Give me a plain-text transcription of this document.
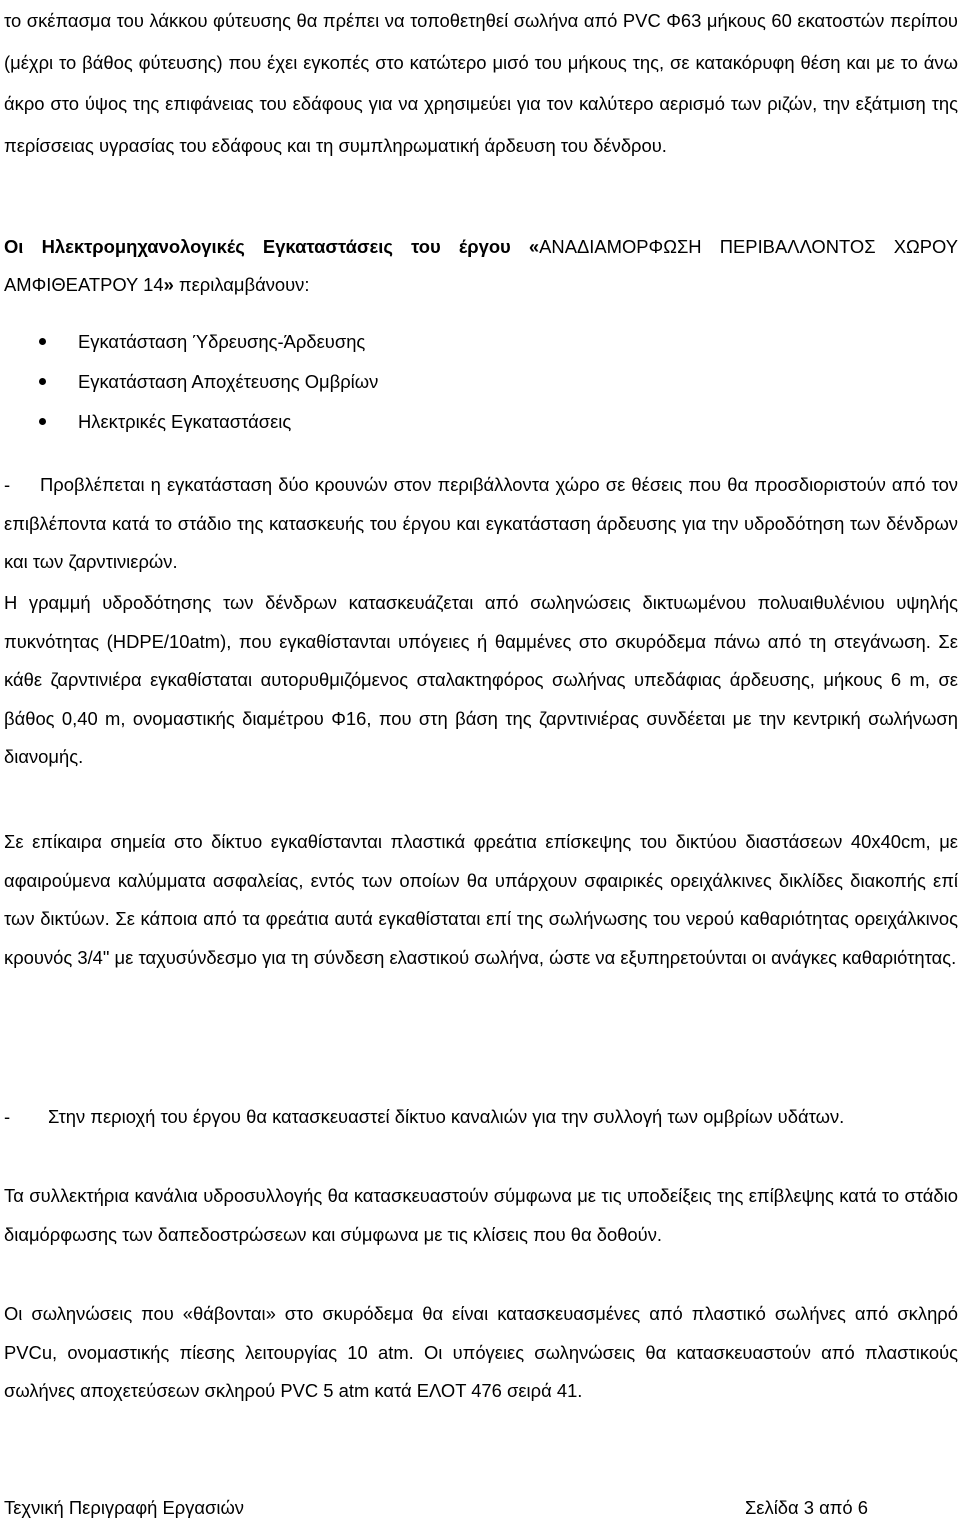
το σκέπασμα του λάκκου φύτευσης θα πρέπει να τοποθετηθεί σωλήνα από PVC Φ63 μήκους 60 εκατοστών περίπου (μέχρι το βάθος φύτευσης) που έχει εγκοπές στο κατώτερο μισό του μήκους της, σε κατακόρυφη θέση και με το άνω άκρο στο ύψος της επιφάνειας του εδάφους για να χρησιμεύει για τον καλύτερο αερισμό των ριζών, την εξάτμιση της περίσσειας υγρασίας του εδάφους και τη συμπληρωματική άρδευση του δένδρου.

Οι Ηλεκτρομηχανολογικές Εγκαταστάσεις του έργου «ΑΝΑΔΙΑΜΟΡΦΩΣΗ ΠΕΡΙΒΑΛΛΟΝΤΟΣ ΧΩΡΟΥ ΑΜΦΙΘΕΑΤΡΟΥ 14» περιλαμβάνουν:

Εγκατάσταση Ύδρευσης-Άρδευσης
Εγκατάσταση Αποχέτευσης Ομβρίων
Ηλεκτρικές Εγκαταστάσεις

- Προβλέπεται η εγκατάσταση δύο κρουνών στον περιβάλλοντα χώρο σε θέσεις που θα προσδιοριστούν από τον επιβλέποντα κατά το στάδιο της κατασκευής του έργου και εγκατάσταση άρδευσης για την υδροδότηση των δένδρων και των ζαρντινιερών.

Η γραμμή υδροδότησης των δένδρων κατασκευάζεται από σωληνώσεις δικτυωμένου πολυαιθυλένιου υψηλής πυκνότητας (HDPE/10atm), που εγκαθίστανται υπόγειες ή θαμμένες στο σκυρόδεμα πάνω από τη στεγάνωση. Σε κάθε ζαρντινιέρα εγκαθίσταται αυτορυθμιζόμενος σταλακτηφόρος σωλήνας υπεδάφιας άρδευσης, μήκους 6 m, σε βάθος 0,40 m, ονομαστικής διαμέτρου Φ16, που στη βάση της ζαρντινιέρας συνδέεται με την κεντρική σωλήνωση διανομής.

Σε επίκαιρα σημεία στο δίκτυο εγκαθίστανται πλαστικά φρεάτια επίσκεψης του δικτύου διαστάσεων 40x40cm, με αφαιρούμενα καλύμματα ασφαλείας, εντός των οποίων θα υπάρχουν σφαιρικές ορειχάλκινες δικλίδες διακοπής επί των δικτύων. Σε κάποια από τα φρεάτια αυτά εγκαθίσταται επί της σωλήνωσης του νερού καθαριότητας ορειχάλκινος κρουνός 3/4" με ταχυσύνδεσμο για τη σύνδεση ελαστικού σωλήνα, ώστε να εξυπηρετούνται οι ανάγκες καθαριότητας.

- Στην περιοχή του έργου θα κατασκευαστεί δίκτυο καναλιών για την συλλογή των ομβρίων υδάτων.

Τα συλλεκτήρια κανάλια υδροσυλλογής θα κατασκευαστούν σύμφωνα με τις υποδείξεις της επίβλεψης κατά το στάδιο διαμόρφωσης των δαπεδοστρώσεων και σύμφωνα με τις κλίσεις που θα δοθούν.

Οι σωληνώσεις που «θάβονται» στο σκυρόδεμα θα είναι κατασκευασμένες από πλαστικό σωλήνες από σκληρό PVCu, ονομαστικής πίεσης λειτουργίας 10 atm. Οι υπόγειες σωληνώσεις θα κατασκευαστούν από πλαστικούς σωλήνες αποχετεύσεων σκληρού PVC 5 atm κατά ΕΛΟΤ 476 σειρά 41.

Τεχνική Περιγραφή Εργασιών	Σελίδα 3 από 6
